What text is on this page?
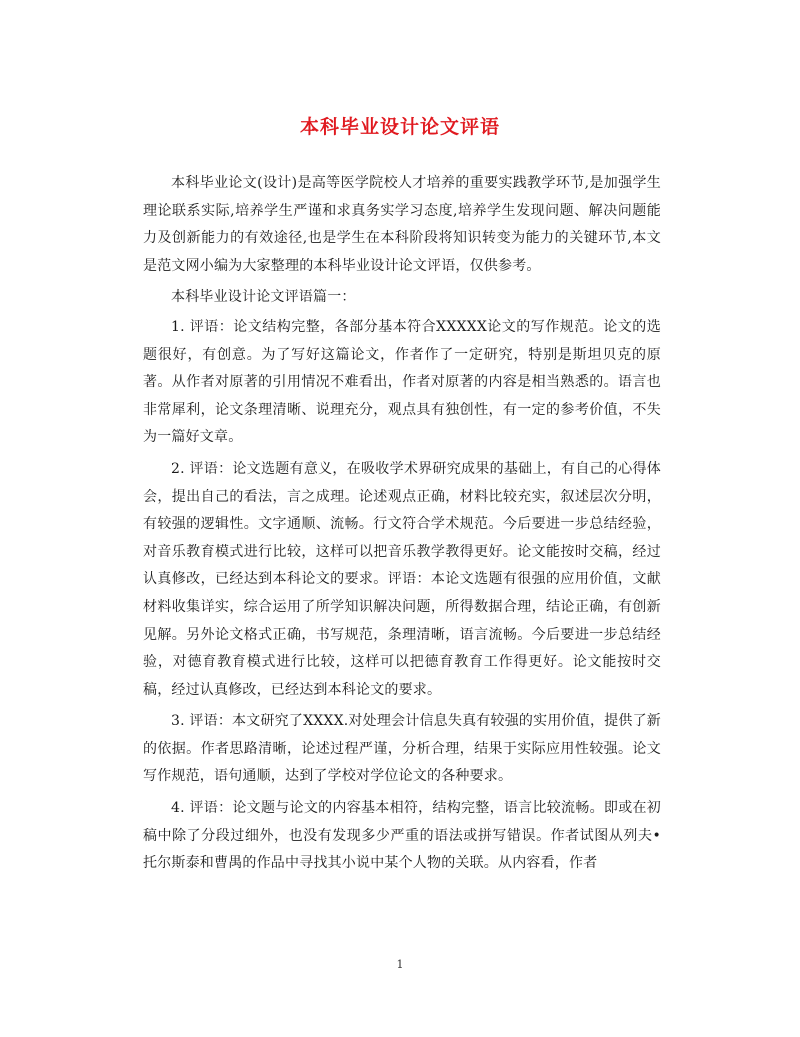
本科毕业设计论文评语

本科毕业论文(设计)是高等医学院校人才培养的重要实践教学环节,是加强学生理论联系实际,培养学生严谨和求真务实学习态度,培养学生发现问题、解决问题能力及创新能力的有效途径,也是学生在本科阶段将知识转变为能力的关键环节,本文是范文网小编为大家整理的本科毕业设计论文评语，仅供参考。

本科毕业设计论文评语篇一：

1. 评语：论文结构完整，各部分基本符合XXXXX论文的写作规范。论文的选题很好，有创意。为了写好这篇论文，作者作了一定研究，特别是斯坦贝克的原著。从作者对原著的引用情况不难看出，作者对原著的内容是相当熟悉的。语言也非常犀利，论文条理清晰、说理充分，观点具有独创性，有一定的参考价值，不失为一篇好文章。

2. 评语：论文选题有意义，在吸收学术界研究成果的基础上，有自己的心得体会，提出自己的看法，言之成理。论述观点正确，材料比较充实，叙述层次分明，有较强的逻辑性。文字通顺、流畅。行文符合学术规范。今后要进一步总结经验，对音乐教育模式进行比较，这样可以把音乐教学教得更好。论文能按时交稿，经过认真修改，已经达到本科论文的要求。评语：本论文选题有很强的应用价值，文献材料收集详实，综合运用了所学知识解决问题，所得数据合理，结论正确，有创新见解。另外论文格式正确，书写规范，条理清晰，语言流畅。今后要进一步总结经验，对德育教育模式进行比较，这样可以把德育教育工作得更好。论文能按时交稿，经过认真修改，已经达到本科论文的要求。

3. 评语：本文研究了XXXX.对处理会计信息失真有较强的实用价值，提供了新的依据。作者思路清晰，论述过程严谨，分析合理，结果于实际应用性较强。论文写作规范，语句通顺，达到了学校对学位论文的各种要求。

4. 评语：论文题与论文的内容基本相符，结构完整，语言比较流畅。即或在初稿中除了分段过细外，也没有发现多少严重的语法或拼写错误。作者试图从列夫•托尔斯泰和曹禺的作品中寻找其小说中某个人物的关联。从内容看，作者

1
